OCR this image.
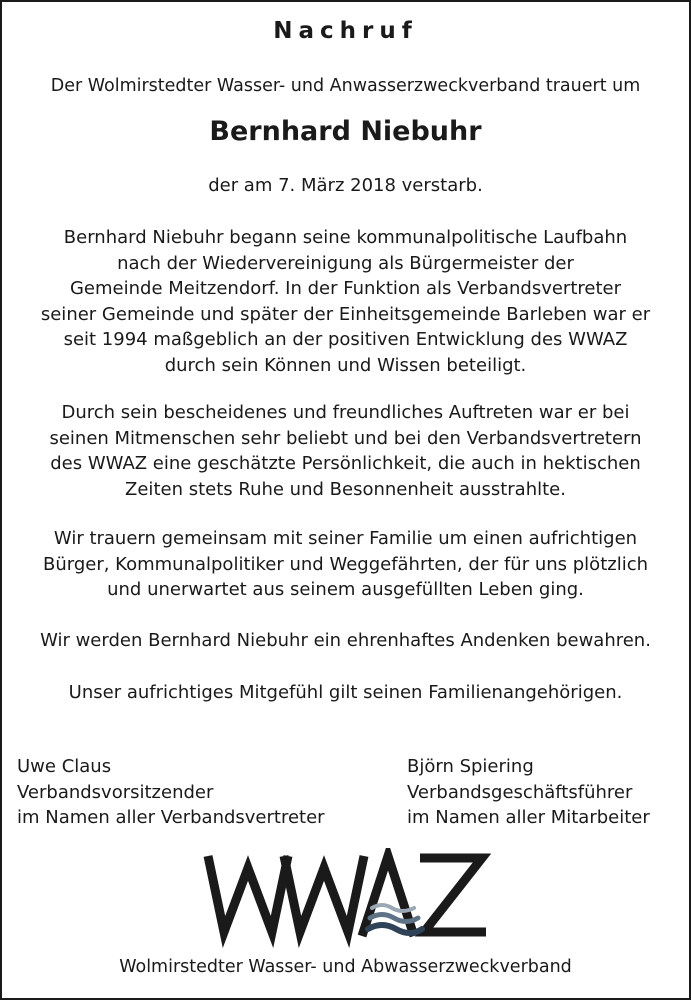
Nachruf
Der Wolmirstedter Wasser- und Anwasserzweckverband trauert um
Bernhard Niebuhr
der am 7. März 2018 verstarb.
Bernhard Niebuhr begann seine kommunalpolitische Laufbahn
nach der Wiedervereinigung als Bürgermeister der
Gemeinde Meitzendorf. In der Funktion als Verbandsvertreter
seiner Gemeinde und später der Einheitsgemeinde Barleben war er
seit 1994 maßgeblich an der positiven Entwicklung des WWAZ
durch sein Können und Wissen beteiligt.
Durch sein bescheidenes und freundliches Auftreten war er bei
seinen Mitmenschen sehr beliebt und bei den Verbandsvertretern
des WWAZ eine geschätzte Persönlichkeit, die auch in hektischen
Zeiten stets Ruhe und Besonnenheit ausstrahlte.
Wir trauern gemeinsam mit seiner Familie um einen aufrichtigen
Bürger, Kommunalpolitiker und Weggefährten, der für uns plötzlich
und unerwartet aus seinem ausgefüllten Leben ging.
Wir werden Bernhard Niebuhr ein ehrenhaftes Andenken bewahren.
Unser aufrichtiges Mitgefühl gilt seinen Familienangehörigen.
Uwe Claus
Verbandsvorsitzender
im Namen aller Verbandsvertreter
Björn Spiering
Verbandsgeschäftsführer
im Namen aller Mitarbeiter
Wolmirstedter Wasser- und Abwasserzweckverband
